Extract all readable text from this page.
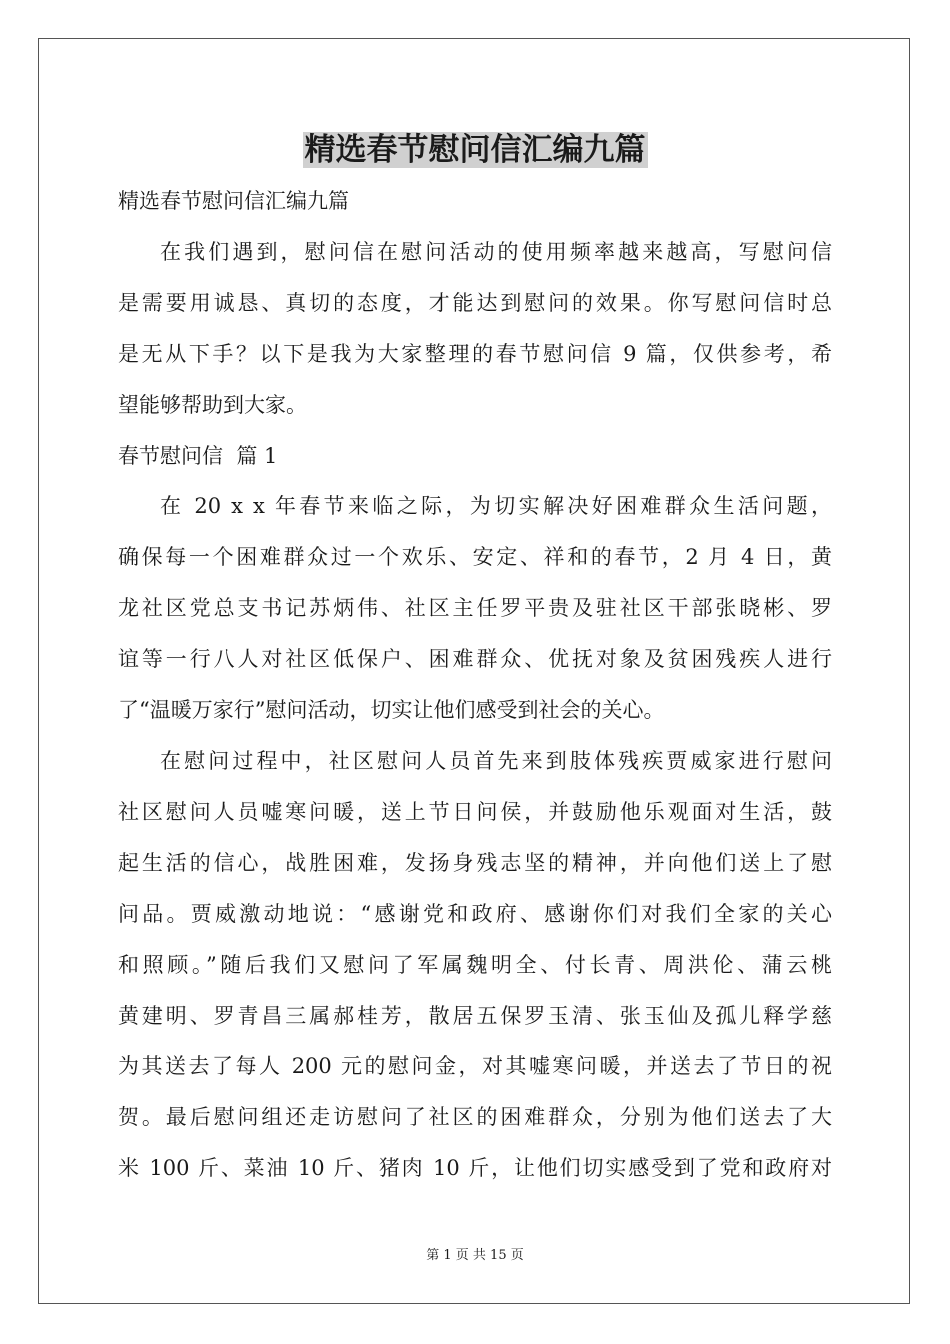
精选春节慰问信汇编九篇

精选春节慰问信汇编九篇

在我们遇到，慰问信在慰问活动的使用频率越来越高，写慰问信

是需要用诚恳、真切的态度，才能达到慰问的效果。你写慰问信时总

是无从下手？以下是我为大家整理的春节慰问信 9 篇，仅供参考，希

望能够帮助到大家。

春节慰问信  篇 1

在 20 x x 年春节来临之际，为切实解决好困难群众生活问题，

确保每一个困难群众过一个欢乐、安定、祥和的春节，2 月 4 日，黄

龙社区党总支书记苏炳伟、社区主任罗平贵及驻社区干部张晓彬、罗

谊等一行八人对社区低保户、困难群众、优抚对象及贫困残疾人进行

了“温暖万家行”慰问活动，切实让他们感受到社会的关心。

在慰问过程中，社区慰问人员首先来到肢体残疾贾威家进行慰问

社区慰问人员嘘寒问暖，送上节日问侯，并鼓励他乐观面对生活，鼓

起生活的信心，战胜困难，发扬身残志坚的精神，并向他们送上了慰

问品。贾威激动地说：“感谢党和政府、感谢你们对我们全家的关心

和照顾。”随后我们又慰问了军属魏明全、付长青、周洪伦、蒲云桃

黄建明、罗青昌三属郝桂芳，散居五保罗玉清、张玉仙及孤儿释学慈

为其送去了每人 200 元的慰问金，对其嘘寒问暖，并送去了节日的祝

贺。最后慰问组还走访慰问了社区的困难群众，分别为他们送去了大

米 100 斤、菜油 10 斤、猪肉 10 斤，让他们切实感受到了党和政府对

第 1 页 共 15 页
